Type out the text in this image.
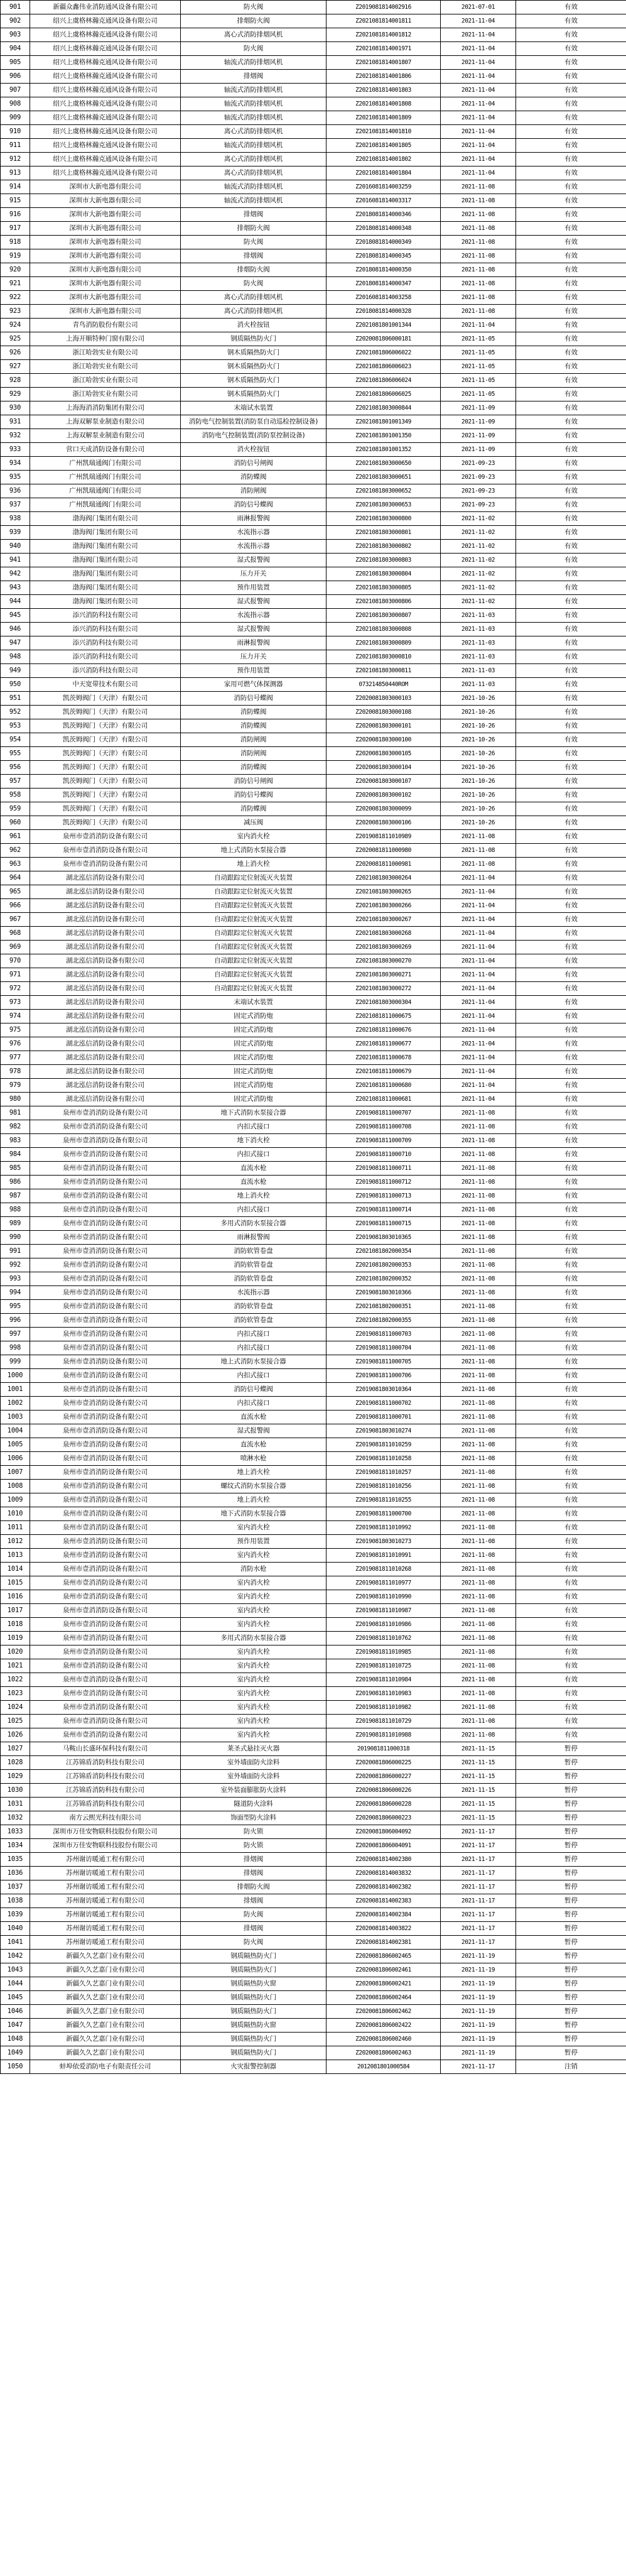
901	新疆众鑫伟业消防通风设备有限公司	防火阀	Z2019081814002916	2021-07-01	有效
902	绍兴上虞格林瀚克通风设备有限公司	排烟防火阀	Z2021081814001811	2021-11-04	有效
903	绍兴上虞格林瀚克通风设备有限公司	离心式消防排烟风机	Z2021081814001812	2021-11-04	有效
904	绍兴上虞格林瀚克通风设备有限公司	防火阀	Z2021081814001971	2021-11-04	有效
905	绍兴上虞格林瀚克通风设备有限公司	轴流式消防排烟风机	Z2021081814001807	2021-11-04	有效
906	绍兴上虞格林瀚克通风设备有限公司	排烟阀	Z2021081814001806	2021-11-04	有效
907	绍兴上虞格林瀚克通风设备有限公司	轴流式消防排烟风机	Z2021081814001803	2021-11-04	有效
908	绍兴上虞格林瀚克通风设备有限公司	轴流式消防排烟风机	Z2021081814001808	2021-11-04	有效
909	绍兴上虞格林瀚克通风设备有限公司	轴流式消防排烟风机	Z2021081814001809	2021-11-04	有效
910	绍兴上虞格林瀚克通风设备有限公司	离心式消防排烟风机	Z2021081814001810	2021-11-04	有效
911	绍兴上虞格林瀚克通风设备有限公司	轴流式消防排烟风机	Z2021081814001805	2021-11-04	有效
912	绍兴上虞格林瀚克通风设备有限公司	离心式消防排烟风机	Z2021081814001802	2021-11-04	有效
913	绍兴上虞格林瀚克通风设备有限公司	离心式消防排烟风机	Z2021081814001804	2021-11-04	有效
914	深圳市大新电器有限公司	轴流式消防排烟风机	Z2016081814003259	2021-11-08	有效
915	深圳市大新电器有限公司	轴流式消防排烟风机	Z2016081814003317	2021-11-08	有效
916	深圳市大新电器有限公司	排烟阀	Z2018081814000346	2021-11-08	有效
917	深圳市大新电器有限公司	排烟防火阀	Z2018081814000348	2021-11-08	有效
918	深圳市大新电器有限公司	防火阀	Z2018081814000349	2021-11-08	有效
919	深圳市大新电器有限公司	排烟阀	Z2018081814000345	2021-11-08	有效
920	深圳市大新电器有限公司	排烟防火阀	Z2018081814000350	2021-11-08	有效
921	深圳市大新电器有限公司	防火阀	Z2018081814000347	2021-11-08	有效
922	深圳市大新电器有限公司	离心式消防排烟风机	Z2016081814003258	2021-11-08	有效
923	深圳市大新电器有限公司	离心式消防排烟风机	Z2018081814000328	2021-11-08	有效
924	青鸟消防股份有限公司	消火栓按钮	Z2021081801001344	2021-11-04	有效
925	上海开顺特种门窗有限公司	钢质隔热防火门	Z2020081806000181	2021-11-05	有效
926	浙江哈勃实业有限公司	钢木质隔热防火门	Z2021081806006022	2021-11-05	有效
927	浙江哈勃实业有限公司	钢木质隔热防火门	Z2021081806006023	2021-11-05	有效
928	浙江哈勃实业有限公司	钢木质隔热防火门	Z2021081806006024	2021-11-05	有效
929	浙江哈勃实业有限公司	钢木质隔热防火门	Z2021081806006025	2021-11-05	有效
930	上海海消消防集团有限公司	末端试水装置	Z2021081803000844	2021-11-09	有效
931	上海双解泵业制造有限公司	消防电气控制装置(消防泵自动巡检控制设备)	Z2021081801001349	2021-11-09	有效
932	上海双解泵业制造有限公司	消防电气控制装置(消防泵控制设备)	Z2021081801001350	2021-11-09	有效
933	营口天成消防设备有限公司	消火栓按钮	Z2021081801001352	2021-11-09	有效
934	广州凯瑞通阀门有限公司	消防信号闸阀	Z2021081803000650	2021-09-23	有效
935	广州凯瑞通阀门有限公司	消防蝶阀	Z2021081803000651	2021-09-23	有效
936	广州凯瑞通阀门有限公司	消防闸阀	Z2021081803000652	2021-09-23	有效
937	广州凯瑞通阀门有限公司	消防信号蝶阀	Z2021081803000653	2021-09-23	有效
938	渤海阀门集团有限公司	雨淋报警阀	Z2021081803000800	2021-11-02	有效
939	渤海阀门集团有限公司	水流指示器	Z2021081803000801	2021-11-02	有效
940	渤海阀门集团有限公司	水流指示器	Z2021081803000802	2021-11-02	有效
941	渤海阀门集团有限公司	湿式报警阀	Z2021081803000803	2021-11-02	有效
942	渤海阀门集团有限公司	压力开关	Z2021081803000804	2021-11-02	有效
943	渤海阀门集团有限公司	预作用装置	Z2021081803000805	2021-11-02	有效
944	渤海阀门集团有限公司	湿式报警阀	Z2021081803000806	2021-11-02	有效
945	添兴消防科技有限公司	水流指示器	Z2021081803000807	2021-11-03	有效
946	添兴消防科技有限公司	湿式报警阀	Z2021081803000808	2021-11-03	有效
947	添兴消防科技有限公司	雨淋报警阀	Z2021081803000809	2021-11-03	有效
948	添兴消防科技有限公司	压力开关	Z2021081803000810	2021-11-03	有效
949	添兴消防科技有限公司	预作用装置	Z2021081803000811	2021-11-03	有效
950	中天宽带技术有限公司	家用可燃气体探测器	073214850440ROM	2021-11-03	有效
951	凯茨姆阀门（天津）有限公司	消防信号蝶阀	Z2020081803000103	2021-10-26	有效
952	凯茨姆阀门（天津）有限公司	消防蝶阀	Z2020081803000108	2021-10-26	有效
953	凯茨姆阀门（天津）有限公司	消防蝶阀	Z2020081803000101	2021-10-26	有效
954	凯茨姆阀门（天津）有限公司	消防闸阀	Z2020081803000100	2021-10-26	有效
955	凯茨姆阀门（天津）有限公司	消防闸阀	Z2020081803000105	2021-10-26	有效
956	凯茨姆阀门（天津）有限公司	消防蝶阀	Z2020081803000104	2021-10-26	有效
957	凯茨姆阀门（天津）有限公司	消防信号闸阀	Z2020081803000107	2021-10-26	有效
958	凯茨姆阀门（天津）有限公司	消防信号蝶阀	Z2020081803000102	2021-10-26	有效
959	凯茨姆阀门（天津）有限公司	消防蝶阀	Z2020081803000099	2021-10-26	有效
960	凯茨姆阀门（天津）有限公司	减压阀	Z2020081803000106	2021-10-26	有效
961	泉州市壹消消防设备有限公司	室内消火栓	Z2019081811010989	2021-11-08	有效
962	泉州市壹消消防设备有限公司	地上式消防水泵接合器	Z2020081811000980	2021-11-08	有效
963	泉州市壹消消防设备有限公司	地上消火栓	Z2020081811000981	2021-11-08	有效
964	湖北泓信消防设备有限公司	自动跟踪定位射流灭火装置	Z2021081803000264	2021-11-04	有效
965	湖北泓信消防设备有限公司	自动跟踪定位射流灭火装置	Z2021081803000265	2021-11-04	有效
966	湖北泓信消防设备有限公司	自动跟踪定位射流灭火装置	Z2021081803000266	2021-11-04	有效
967	湖北泓信消防设备有限公司	自动跟踪定位射流灭火装置	Z2021081803000267	2021-11-04	有效
968	湖北泓信消防设备有限公司	自动跟踪定位射流灭火装置	Z2021081803000268	2021-11-04	有效
969	湖北泓信消防设备有限公司	自动跟踪定位射流灭火装置	Z2021081803000269	2021-11-04	有效
970	湖北泓信消防设备有限公司	自动跟踪定位射流灭火装置	Z2021081803000270	2021-11-04	有效
971	湖北泓信消防设备有限公司	自动跟踪定位射流灭火装置	Z2021081803000271	2021-11-04	有效
972	湖北泓信消防设备有限公司	自动跟踪定位射流灭火装置	Z2021081803000272	2021-11-04	有效
973	湖北泓信消防设备有限公司	末端试水装置	Z2021081803000304	2021-11-04	有效
974	湖北泓信消防设备有限公司	固定式消防炮	Z2021081811000675	2021-11-04	有效
975	湖北泓信消防设备有限公司	固定式消防炮	Z2021081811000676	2021-11-04	有效
976	湖北泓信消防设备有限公司	固定式消防炮	Z2021081811000677	2021-11-04	有效
977	湖北泓信消防设备有限公司	固定式消防炮	Z2021081811000678	2021-11-04	有效
978	湖北泓信消防设备有限公司	固定式消防炮	Z2021081811000679	2021-11-04	有效
979	湖北泓信消防设备有限公司	固定式消防炮	Z2021081811000680	2021-11-04	有效
980	湖北泓信消防设备有限公司	固定式消防炮	Z2021081811000681	2021-11-04	有效
981	泉州市壹消消防设备有限公司	地下式消防水泵接合器	Z2019081811000707	2021-11-08	有效
982	泉州市壹消消防设备有限公司	内扣式接口	Z2019081811000708	2021-11-08	有效
983	泉州市壹消消防设备有限公司	地下消火栓	Z2019081811000709	2021-11-08	有效
984	泉州市壹消消防设备有限公司	内扣式接口	Z2019081811000710	2021-11-08	有效
985	泉州市壹消消防设备有限公司	直流水枪	Z2019081811000711	2021-11-08	有效
986	泉州市壹消消防设备有限公司	直流水枪	Z2019081811000712	2021-11-08	有效
987	泉州市壹消消防设备有限公司	地上消火栓	Z2019081811000713	2021-11-08	有效
988	泉州市壹消消防设备有限公司	内扣式接口	Z2019081811000714	2021-11-08	有效
989	泉州市壹消消防设备有限公司	多用式消防水泵接合器	Z2019081811000715	2021-11-08	有效
990	泉州市壹消消防设备有限公司	雨淋报警阀	Z2019081803010365	2021-11-08	有效
991	泉州市壹消消防设备有限公司	消防软管卷盘	Z2021081802000354	2021-11-08	有效
992	泉州市壹消消防设备有限公司	消防软管卷盘	Z2021081802000353	2021-11-08	有效
993	泉州市壹消消防设备有限公司	消防软管卷盘	Z2021081802000352	2021-11-08	有效
994	泉州市壹消消防设备有限公司	水流指示器	Z2019081803010366	2021-11-08	有效
995	泉州市壹消消防设备有限公司	消防软管卷盘	Z2021081802000351	2021-11-08	有效
996	泉州市壹消消防设备有限公司	消防软管卷盘	Z2021081802000355	2021-11-08	有效
997	泉州市壹消消防设备有限公司	内扣式接口	Z2019081811000703	2021-11-08	有效
998	泉州市壹消消防设备有限公司	内扣式接口	Z2019081811000704	2021-11-08	有效
999	泉州市壹消消防设备有限公司	地上式消防水泵接合器	Z2019081811000705	2021-11-08	有效
1000	泉州市壹消消防设备有限公司	内扣式接口	Z2019081811000706	2021-11-08	有效
1001	泉州市壹消消防设备有限公司	消防信号蝶阀	Z2019081803010364	2021-11-08	有效
1002	泉州市壹消消防设备有限公司	内扣式接口	Z2019081811000702	2021-11-08	有效
1003	泉州市壹消消防设备有限公司	直流水枪	Z2019081811000701	2021-11-08	有效
1004	泉州市壹消消防设备有限公司	湿式报警阀	Z2019081803010274	2021-11-08	有效
1005	泉州市壹消消防设备有限公司	直流水枪	Z2019081811010259	2021-11-08	有效
1006	泉州市壹消消防设备有限公司	喷淋水枪	Z2019081811010258	2021-11-08	有效
1007	泉州市壹消消防设备有限公司	地上消火栓	Z2019081811010257	2021-11-08	有效
1008	泉州市壹消消防设备有限公司	螺纹式消防水泵接合器	Z2019081811010256	2021-11-08	有效
1009	泉州市壹消消防设备有限公司	地上消火栓	Z2019081811010255	2021-11-08	有效
1010	泉州市壹消消防设备有限公司	地下式消防水泵接合器	Z2019081811000700	2021-11-08	有效
1011	泉州市壹消消防设备有限公司	室内消火栓	Z2019081811010992	2021-11-08	有效
1012	泉州市壹消消防设备有限公司	预作用装置	Z2019081803010273	2021-11-08	有效
1013	泉州市壹消消防设备有限公司	室内消火栓	Z2019081811010991	2021-11-08	有效
1014	泉州市壹消消防设备有限公司	消防水枪	Z2019081811010268	2021-11-08	有效
1015	泉州市壹消消防设备有限公司	室内消火栓	Z2019081811010977	2021-11-08	有效
1016	泉州市壹消消防设备有限公司	室内消火栓	Z2019081811010990	2021-11-08	有效
1017	泉州市壹消消防设备有限公司	室内消火栓	Z2019081811010987	2021-11-08	有效
1018	泉州市壹消消防设备有限公司	室内消火栓	Z2019081811010986	2021-11-08	有效
1019	泉州市壹消消防设备有限公司	多用式消防水泵接合器	Z2019081811010762	2021-11-08	有效
1020	泉州市壹消消防设备有限公司	室内消火栓	Z2019081811010985	2021-11-08	有效
1021	泉州市壹消消防设备有限公司	室内消火栓	Z2019081811010725	2021-11-08	有效
1022	泉州市壹消消防设备有限公司	室内消火栓	Z2019081811010984	2021-11-08	有效
1023	泉州市壹消消防设备有限公司	室内消火栓	Z2019081811010983	2021-11-08	有效
1024	泉州市壹消消防设备有限公司	室内消火栓	Z2019081811010982	2021-11-08	有效
1025	泉州市壹消消防设备有限公司	室内消火栓	Z2019081811010729	2021-11-08	有效
1026	泉州市壹消消防设备有限公司	室内消火栓	Z2019081811010988	2021-11-08	有效
1027	马鞍山长盛环保科技有限公司	莱圣式悬挂灭火器	2019081811000318	2021-11-15	暂停
1028	江苏锦盾消防科技有限公司	室外墙面防火涂料	Z2020081806000225	2021-11-15	暂停
1029	江苏锦盾消防科技有限公司	室外墙面防火涂料	Z2020081806000227	2021-11-15	暂停
1030	江苏锦盾消防科技有限公司	室外装面膨胀防火涂料	Z2020081806000226	2021-11-15	暂停
1031	江苏锦盾消防科技有限公司	隧道防火涂料	Z2020081806000228	2021-11-15	暂停
1032	南方云熙光科技有限公司	饰面型防火涂料	Z2020081806000223	2021-11-15	暂停
1033	深圳市万佳安物联科技股份有限公司	防火锁	Z2020081806004092	2021-11-17	暂停
1034	深圳市万佳安物联科技股份有限公司	防火锁	Z2020081806004091	2021-11-17	暂停
1035	苏州谢访暖通工程有限公司	排烟阀	Z2020081814002380	2021-11-17	暂停
1036	苏州谢访暖通工程有限公司	排烟阀	Z2020081814003832	2021-11-17	暂停
1037	苏州谢访暖通工程有限公司	排烟防火阀	Z2020081814002382	2021-11-17	暂停
1038	苏州谢访暖通工程有限公司	排烟阀	Z2020081814002383	2021-11-17	暂停
1039	苏州谢访暖通工程有限公司	防火阀	Z2020081814002384	2021-11-17	暂停
1040	苏州谢访暖通工程有限公司	排烟阀	Z2020081814003822	2021-11-17	暂停
1041	苏州谢访暖通工程有限公司	防火阀	Z2020081814002381	2021-11-17	暂停
1042	新疆久久艺嘉门业有限公司	钢质隔热防火门	Z2020081806002465	2021-11-19	暂停
1043	新疆久久艺嘉门业有限公司	钢质隔热防火门	Z2020081806002461	2021-11-19	暂停
1044	新疆久久艺嘉门业有限公司	钢质隔热防火窗	Z2020081806002421	2021-11-19	暂停
1045	新疆久久艺嘉门业有限公司	钢质隔热防火门	Z2020081806002464	2021-11-19	暂停
1046	新疆久久艺嘉门业有限公司	钢质隔热防火门	Z2020081806002462	2021-11-19	暂停
1047	新疆久久艺嘉门业有限公司	钢质隔热防火窗	Z2020081806002422	2021-11-19	暂停
1048	新疆久久艺嘉门业有限公司	钢质隔热防火门	Z2020081806002460	2021-11-19	暂停
1049	新疆久久艺嘉门业有限公司	钢质隔热防火门	Z2020081806002463	2021-11-19	暂停
1050	蚌埠依爱消防电子有限责任公司	火灾报警控制器	2012081801000584	2021-11-17	注销
